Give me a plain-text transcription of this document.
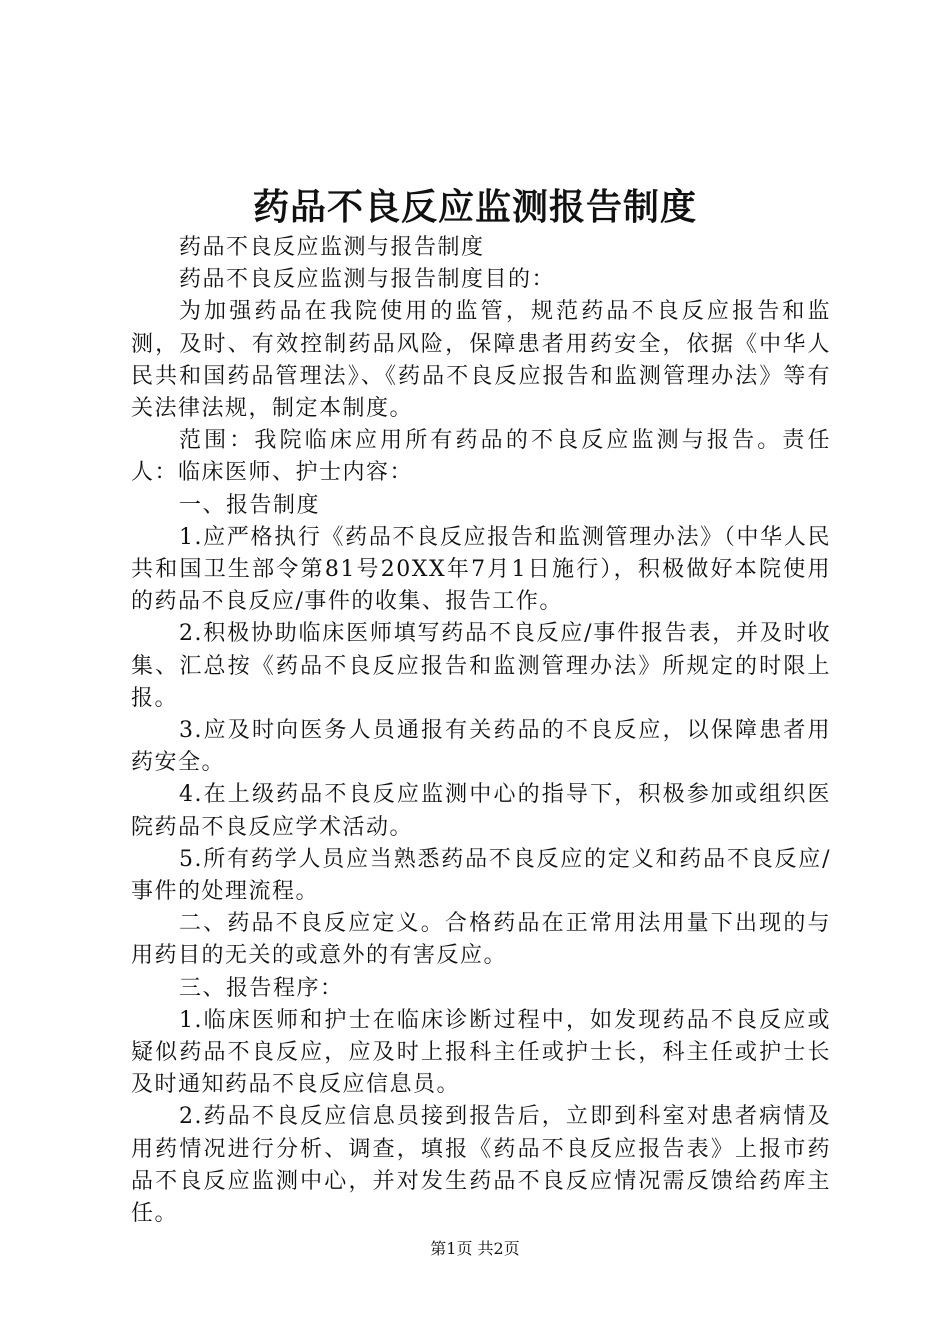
药品不良反应监测报告制度

药品不良反应监测与报告制度

药品不良反应监测与报告制度目的：

为加强药品在我院使用的监管，规范药品不良反应报告和监测，及时、有效控制药品风险，保障患者用药安全，依据《中华人民共和国药品管理法》、《药品不良反应报告和监测管理办法》等有关法律法规，制定本制度。

范围：我院临床应用所有药品的不良反应监测与报告。责任人：临床医师、护士内容：

一、报告制度

1.应严格执行《药品不良反应报告和监测管理办法》（中华人民共和国卫生部令第81号20XX年7月1日施行），积极做好本院使用的药品不良反应/事件的收集、报告工作。

2.积极协助临床医师填写药品不良反应/事件报告表，并及时收集、汇总按《药品不良反应报告和监测管理办法》所规定的时限上报。

3.应及时向医务人员通报有关药品的不良反应，以保障患者用药安全。

4.在上级药品不良反应监测中心的指导下，积极参加或组织医院药品不良反应学术活动。

5.所有药学人员应当熟悉药品不良反应的定义和药品不良反应/事件的处理流程。

二、药品不良反应定义。合格药品在正常用法用量下出现的与用药目的无关的或意外的有害反应。

三、报告程序：

1.临床医师和护士在临床诊断过程中，如发现药品不良反应或疑似药品不良反应，应及时上报科主任或护士长，科主任或护士长及时通知药品不良反应信息员。

2.药品不良反应信息员接到报告后，立即到科室对患者病情及用药情况进行分析、调查，填报《药品不良反应报告表》上报市药品不良反应监测中心，并对发生药品不良反应情况需反馈给药库主任。

第1页 共2页
